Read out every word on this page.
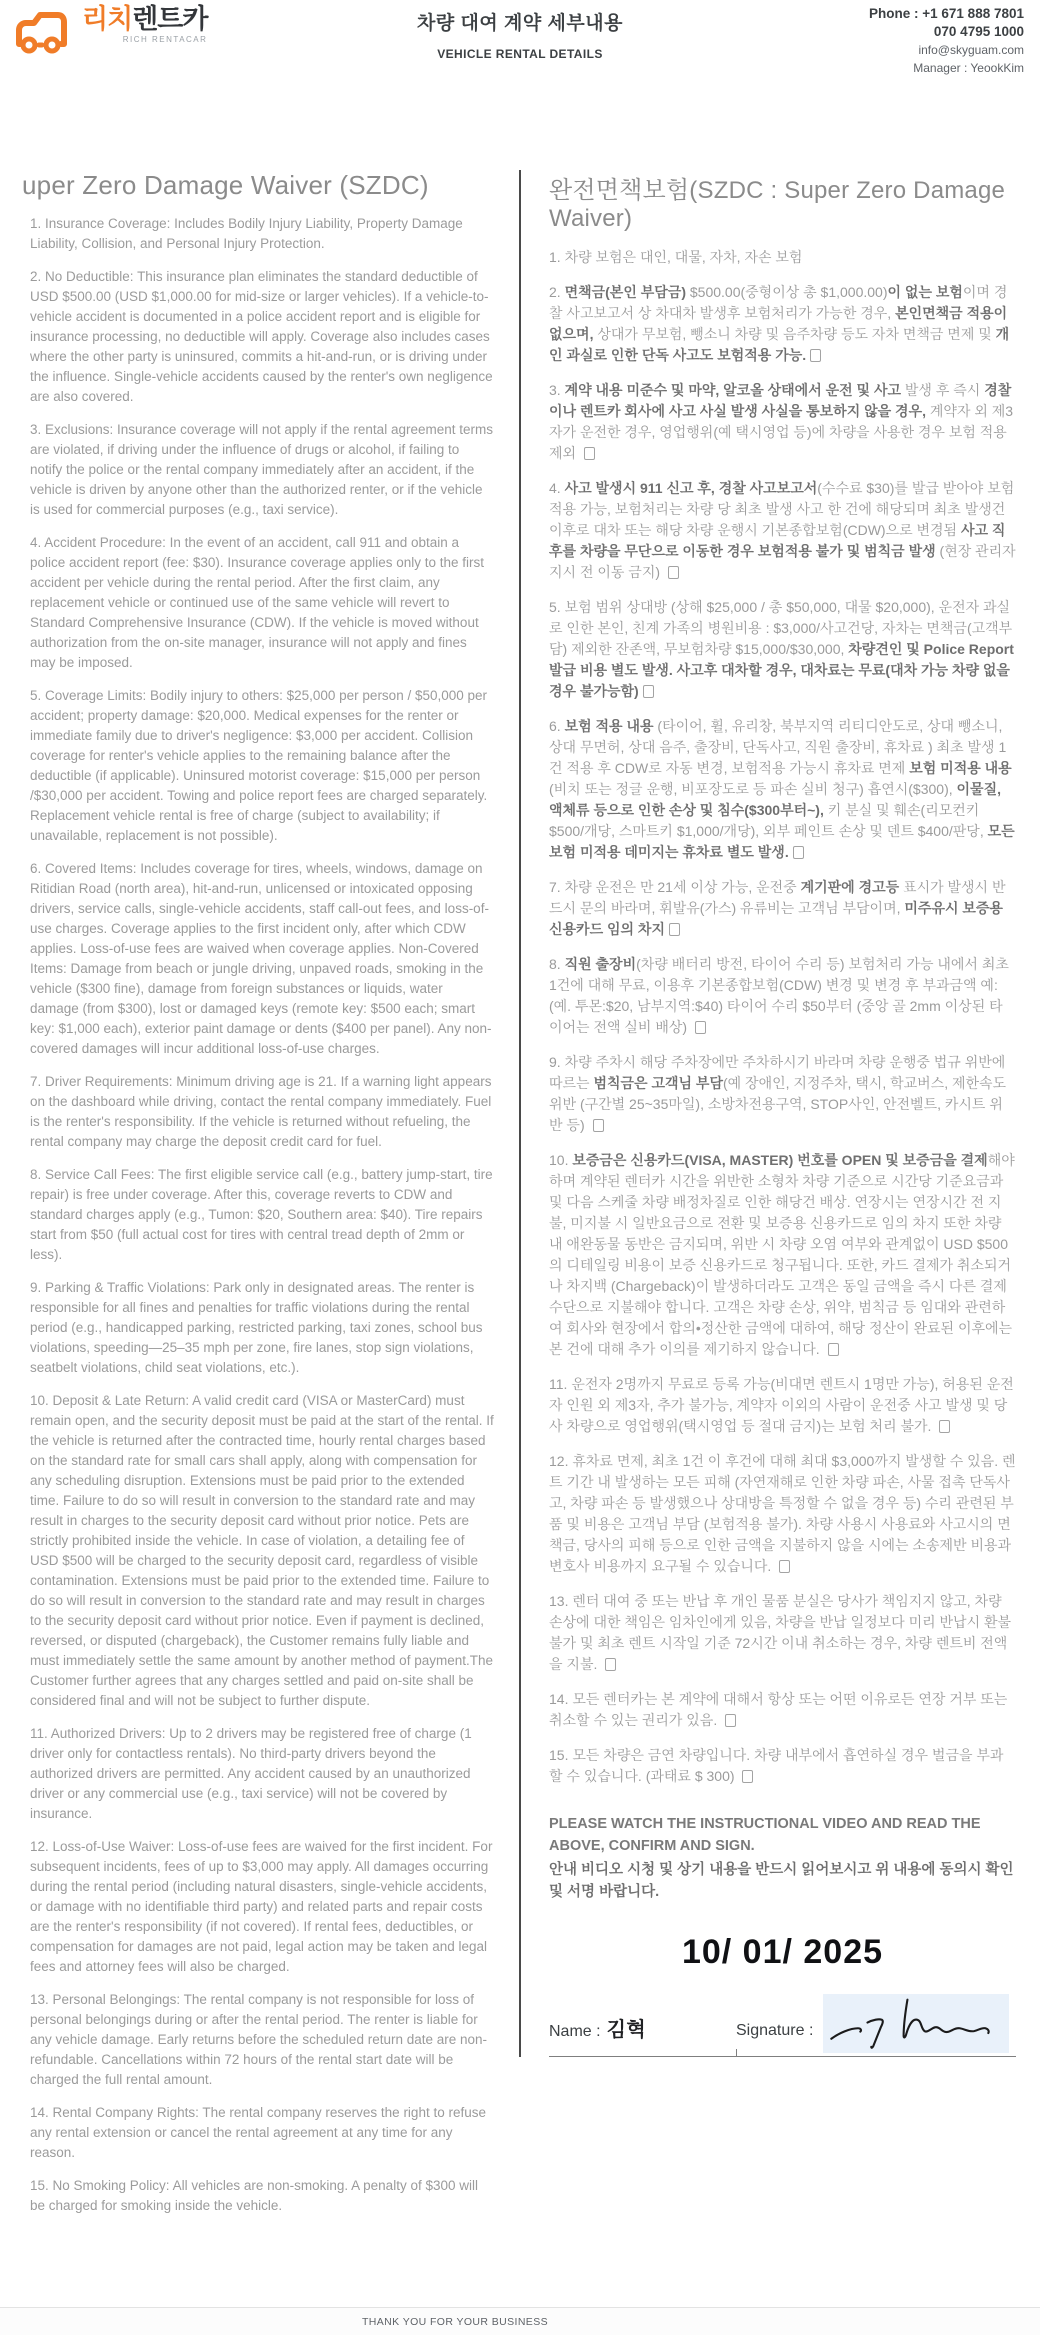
리치렌트카
RICH RENTACAR
차량 대여 계약 세부내용
VEHICLE RENTAL DETAILS
Phone : +1 671 888 7801
070 4795 1000
info@skyguam.com
Manager : YeookKim
uper Zero Damage Waiver (SZDC)

1. Insurance Coverage: Includes Bodily Injury Liability, Property Damage Liability, Collision, and Personal Injury Protection.

2. No Deductible: This insurance plan eliminates the standard deductible of USD $500.00 (USD $1,000.00 for mid-size or larger vehicles). If a vehicle-to-vehicle accident is documented in a police accident report and is eligible for insurance processing, no deductible will apply. Coverage also includes cases where the other party is uninsured, commits a hit-and-run, or is driving under the influence. Single-vehicle accidents caused by the renter's own negligence are also covered.

3. Exclusions: Insurance coverage will not apply if the rental agreement terms are violated, if driving under the influence of drugs or alcohol, if failing to notify the police or the rental company immediately after an accident, if the vehicle is driven by anyone other than the authorized renter, or if the vehicle is used for commercial purposes (e.g., taxi service).

4. Accident Procedure: In the event of an accident, call 911 and obtain a police accident report (fee: $30). Insurance coverage applies only to the first accident per vehicle during the rental period. After the first claim, any replacement vehicle or continued use of the same vehicle will revert to Standard Comprehensive Insurance (CDW). If the vehicle is moved without authorization from the on-site manager, insurance will not apply and fines may be imposed.

5. Coverage Limits: Bodily injury to others: $25,000 per person / $50,000 per accident; property damage: $20,000. Medical expenses for the renter or immediate family due to driver's negligence: $3,000 per accident. Collision coverage for renter's vehicle applies to the remaining balance after the deductible (if applicable). Uninsured motorist coverage: $15,000 per person /$30,000 per accident. Towing and police report fees are charged separately. Replacement vehicle rental is free of charge (subject to availability; if unavailable, replacement is not possible).

6. Covered Items: Includes coverage for tires, wheels, windows, damage on Ritidian Road (north area), hit-and-run, unlicensed or intoxicated opposing drivers, service calls, single-vehicle accidents, staff call-out fees, and loss-of-use charges. Coverage applies to the first incident only, after which CDW applies. Loss-of-use fees are waived when coverage applies. Non-Covered Items: Damage from beach or jungle driving, unpaved roads, smoking in the vehicle ($300 fine), damage from foreign substances or liquids, water damage (from $300), lost or damaged keys (remote key: $500 each; smart key: $1,000 each), exterior paint damage or dents ($400 per panel). Any non-covered damages will incur additional loss-of-use charges.

7. Driver Requirements: Minimum driving age is 21. If a warning light appears on the dashboard while driving, contact the rental company immediately. Fuel is the renter's responsibility. If the vehicle is returned without refueling, the rental company may charge the deposit credit card for fuel.

8. Service Call Fees: The first eligible service call (e.g., battery jump-start, tire repair) is free under coverage. After this, coverage reverts to CDW and standard charges apply (e.g., Tumon: $20, Southern area: $40). Tire repairs start from $50 (full actual cost for tires with central tread depth of 2mm or less).

9. Parking & Traffic Violations: Park only in designated areas. The renter is responsible for all fines and penalties for traffic violations during the rental period (e.g., handicapped parking, restricted parking, taxi zones, school bus violations, speeding—25–35 mph per zone, fire lanes, stop sign violations, seatbelt violations, child seat violations, etc.).

10. Deposit & Late Return: A valid credit card (VISA or MasterCard) must remain open, and the security deposit must be paid at the start of the rental. If the vehicle is returned after the contracted time, hourly rental charges based on the standard rate for small cars shall apply, along with compensation for any scheduling disruption. Extensions must be paid prior to the extended time. Failure to do so will result in conversion to the standard rate and may result in charges to the security deposit card without prior notice. Pets are strictly prohibited inside the vehicle. In case of violation, a detailing fee of USD $500 will be charged to the security deposit card, regardless of visible contamination. Extensions must be paid prior to the extended time. Failure to do so will result in conversion to the standard rate and may result in charges to the security deposit card without prior notice. Even if payment is declined, reversed, or disputed (chargeback), the Customer remains fully liable and must immediately settle the same amount by another method of payment.The Customer further agrees that any charges settled and paid on-site shall be considered final and will not be subject to further dispute.

11. Authorized Drivers: Up to 2 drivers may be registered free of charge (1 driver only for contactless rentals). No third-party drivers beyond the authorized drivers are permitted. Any accident caused by an unauthorized driver or any commercial use (e.g., taxi service) will not be covered by insurance.

12. Loss-of-Use Waiver: Loss-of-use fees are waived for the first incident. For subsequent incidents, fees of up to $3,000 may apply. All damages occurring during the rental period (including natural disasters, single-vehicle accidents, or damage with no identifiable third party) and related parts and repair costs are the renter's responsibility (if not covered). If rental fees, deductibles, or compensation for damages are not paid, legal action may be taken and legal fees and attorney fees will also be charged.

13. Personal Belongings: The rental company is not responsible for loss of personal belongings during or after the rental period. The renter is liable for any vehicle damage. Early returns before the scheduled return date are non-refundable. Cancellations within 72 hours of the rental start date will be charged the full rental amount.

14. Rental Company Rights: The rental company reserves the right to refuse any rental extension or cancel the rental agreement at any time for any reason.

15. No Smoking Policy: All vehicles are non-smoking. A penalty of $300 will be charged for smoking inside the vehicle.

완전면책보험(SZDC : Super Zero Damage Waiver)
1. 차량 보험은 대인, 대물, 자차, 자손 보험
2. 면책금(본인 부담금) $500.00(중형이상 총 $1,000.00)이 없는 보험이며 경찰 사고보고서 상 차대차 발생후 보험처리가 가능한 경우, 본인면책금 적용이 없으며, 상대가 무보험, 뺑소니 차량 및 음주차량 등도 자차 면책금 면제 및 개인 과실로 인한 단독 사고도 보험적용 가능.
3. 계약 내용 미준수 및 마약, 알코올 상태에서 운전 및 사고 발생 후 즉시 경찰이나 렌트카 회사에 사고 사실 발생 사실을 통보하지 않을 경우, 계약자 외 제3자가 운전한 경우, 영업행위(예 택시영업 등)에 차량을 사용한 경우 보험 적용 제외
4. 사고 발생시 911 신고 후, 경찰 사고보고서(수수료 $30)를 발급 받아야 보험 적용 가능, 보험처리는 차량 당 최초 발생 사고 한 건에 해당되며 최초 발생건 이후로 대차 또는 해당 차량 운행시 기본종합보험(CDW)으로 변경됨 사고 직후를 차량을 무단으로 이동한 경우 보험적용 불가 및 범칙금 발생 (현장 관리자 지시 전 이동 금지)
5. 보험 범위 상대방 (상해 $25,000 / 총 $50,000, 대물 $20,000), 운전자 과실로 인한 본인, 친계 가족의 병원비용 : $3,000/사고건당, 자차는 면책금(고객부담) 제외한 잔존액, 무보험차량 $15,000/$30,000, 차량견인 및 Police Report 발급 비용 별도 발생. 사고후 대차할 경우, 대차료는 무료(대차 가능 차량 없을 경우 불가능함)
6. 보험 적용 내용 (타이어, 휠, 유리창, 북부지역 리티디안도로, 상대 뺑소니, 상대 무면허, 상대 음주, 출장비, 단독사고, 직원 출장비, 휴차료 ) 최초 발생 1건 적용 후 CDW로 자동 변경, 보험적용 가능시 휴차료 면제 보험 미적용 내용 (비치 또는 정글 운행, 비포장도로 등 파손 실비 청구) 흡연시($300), 이물질, 액체류 등으로 인한 손상 및 침수($300부터~), 키 분실 및 훼손(리모컨키 $500/개당, 스마트키 $1,000/개당), 외부 페인트 손상 및 덴트 $400/판당, 모든 보험 미적용 데미지는 휴차료 별도 발생.
7. 차량 운전은 만 21세 이상 가능, 운전중 계기판에 경고등 표시가 발생시 반드시 문의 바라며, 휘발유(가스) 유류비는 고객님 부담이며, 미주유시 보증용 신용카드 임의 차지
8. 직원 출장비(차량 배터리 방전, 타이어 수리 등) 보험처리 가능 내에서 최초 1건에 대해 무료, 이용후 기본종합보험(CDW) 변경 및 변경 후 부과금액 예: (예. 투몬:$20, 남부지역:$40) 타이어 수리 $50부터 (중앙 골 2mm 이상된 타이어는 전액 실비 배상)
9. 차량 주차시 해당 주차장에만 주차하시기 바라며 차량 운행중 법규 위반에 따르는 범칙금은 고객님 부담(예 장애인, 지정주차, 택시, 학교버스, 제한속도위반 (구간별 25~35마일), 소방차전용구역, STOP사인, 안전벨트, 카시트 위반 등)
10. 보증금은 신용카드(VISA, MASTER) 번호를 OPEN 및 보증금을 결제해야 하며 계약된 렌터카 시간을 위반한 소형차 차량 기준으로 시간당 기준요금과 및 다음 스케줄 차량 배정차질로 인한 해당건 배상. 연장시는 연장시간 전 지불, 미지불 시 일반요금으로 전환 및 보증용 신용카드로 임의 차지 또한 차량 내 애완동물 동반은 금지되며, 위반 시 차량 오염 여부와 관계없이 USD $500의 디테일링 비용이 보증 신용카드로 청구됩니다. 또한, 카드 결제가 취소되거나 차지백 (Chargeback)이 발생하더라도 고객은 동일 금액을 즉시 다른 결제수단으로 지불해야 합니다. 고객은 차량 손상, 위약, 범칙금 등 임대와 관련하여 회사와 현장에서 합의•정산한 금액에 대하여, 해당 정산이 완료된 이후에는 본 건에 대해 추가 이의를 제기하지 않습니다.
11. 운전자 2명까지 무료로 등록 가능(비대면 렌트시 1명만 가능), 허용된 운전자 인원 외 제3자, 추가 불가능, 계약자 이외의 사람이 운전중 사고 발생 및 당사 차량으로 영업행위(택시영업 등 절대 금지)는 보험 처리 불가.
12. 휴차료 면제, 최초 1건 이 후건에 대해 최대 $3,000까지 발생할 수 있음. 렌트 기간 내 발생하는 모든 피해 (자연재해로 인한 차량 파손, 사물 접촉 단독사고, 차량 파손 등 발생했으나 상대방을 특정할 수 없을 경우 등) 수리 관련된 부품 및 비용은 고객님 부담 (보험적용 불가). 차량 사용시 사용료와 사고시의 면책금, 당사의 피해 등으로 인한 금액을 지불하지 않을 시에는 소송제반 비용과 변호사 비용까지 요구될 수 있습니다.
13. 렌터 대여 중 또는 반납 후 개인 물품 분실은 당사가 책임지지 않고, 차량 손상에 대한 책임은 임차인에게 있음, 차량을 반납 일정보다 미리 반납시 환불 불가 및 최초 렌트 시작일 기준 72시간 이내 취소하는 경우, 차량 렌트비 전액을 지불.
14. 모든 렌터카는 본 계약에 대해서 항상 또는 어떤 이유로든 연장 거부 또는 취소할 수 있는 권리가 있음.
15. 모든 차량은 금연 차량입니다. 차량 내부에서 흡연하실 경우 벌금을 부과할 수 있습니다. (과태료 $ 300)
PLEASE WATCH THE INSTRUCTIONAL VIDEO AND READ THE ABOVE, CONFIRM AND SIGN.
안내 비디오 시청 및 상기 내용을 반드시 읽어보시고 위 내용에 동의시 확인 및 서명 바랍니다.
10/ 01/ 2025
Name : 김혁	Signature :
THANK YOU FOR YOUR BUSINESS
